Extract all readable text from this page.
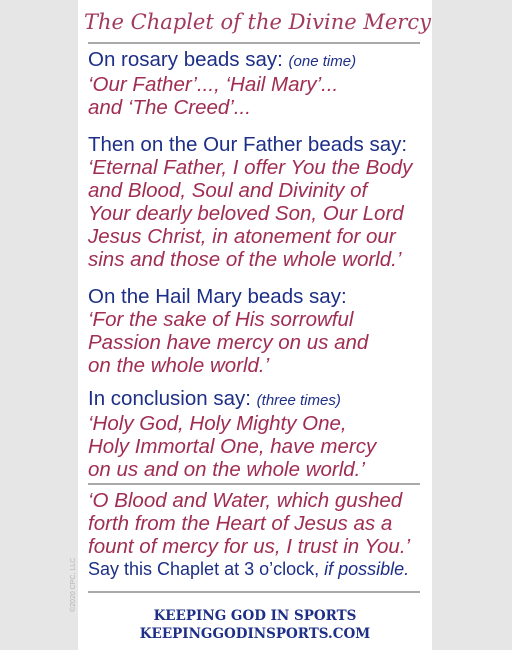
The Chaplet of the Divine Mercy
On rosary beads say: (one time)
‘Our Father’..., ‘Hail Mary’...
and ‘The Creed’...
Then on the Our Father beads say:
‘Eternal Father, I offer You the Body
and Blood, Soul and Divinity of
Your dearly beloved Son, Our Lord
Jesus Christ, in atonement for our
sins and those of the whole world.’
On the Hail Mary beads say:
‘For the sake of His sorrowful
Passion have mercy on us and
on the whole world.’
In conclusion say: (three times)
‘Holy God, Holy Mighty One,
Holy Immortal One, have mercy
on us and on the whole world.’
‘O Blood and Water, which gushed
forth from the Heart of Jesus as a
fount of mercy for us, I trust in You.’
Say this Chaplet at 3 o’clock, if possible.
KEEPING GOD IN SPORTS
KEEPINGGODINSPORTS.COM
©2020 CPC, LLC
